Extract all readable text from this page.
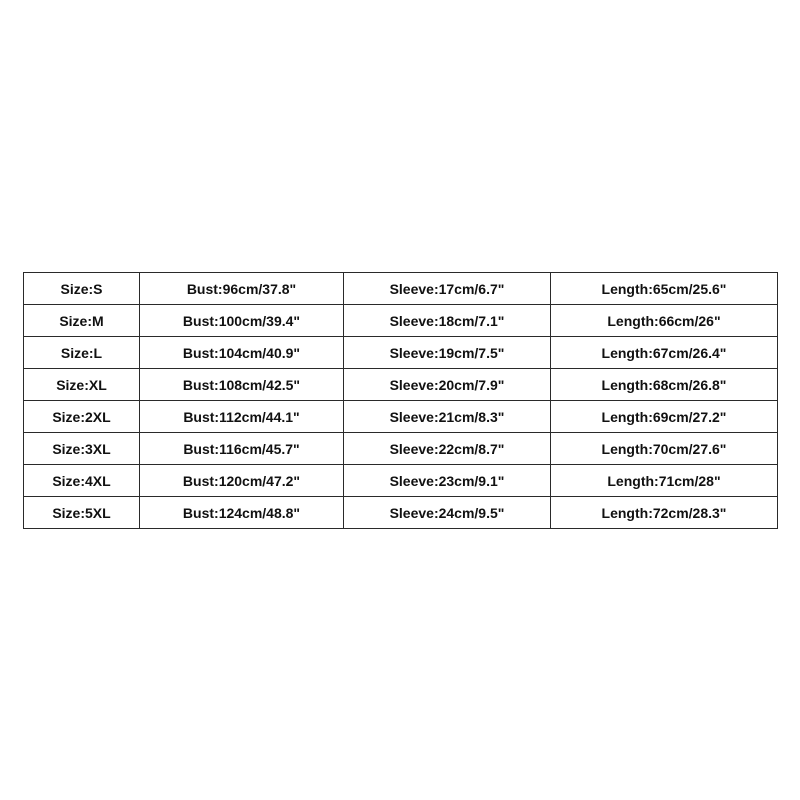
Size:S	Bust:96cm/37.8"	Sleeve:17cm/6.7"	Length:65cm/25.6"
Size:M	Bust:100cm/39.4"	Sleeve:18cm/7.1"	Length:66cm/26"
Size:L	Bust:104cm/40.9"	Sleeve:19cm/7.5"	Length:67cm/26.4"
Size:XL	Bust:108cm/42.5"	Sleeve:20cm/7.9"	Length:68cm/26.8"
Size:2XL	Bust:112cm/44.1"	Sleeve:21cm/8.3"	Length:69cm/27.2"
Size:3XL	Bust:116cm/45.7"	Sleeve:22cm/8.7"	Length:70cm/27.6"
Size:4XL	Bust:120cm/47.2"	Sleeve:23cm/9.1"	Length:71cm/28"
Size:5XL	Bust:124cm/48.8"	Sleeve:24cm/9.5"	Length:72cm/28.3"
